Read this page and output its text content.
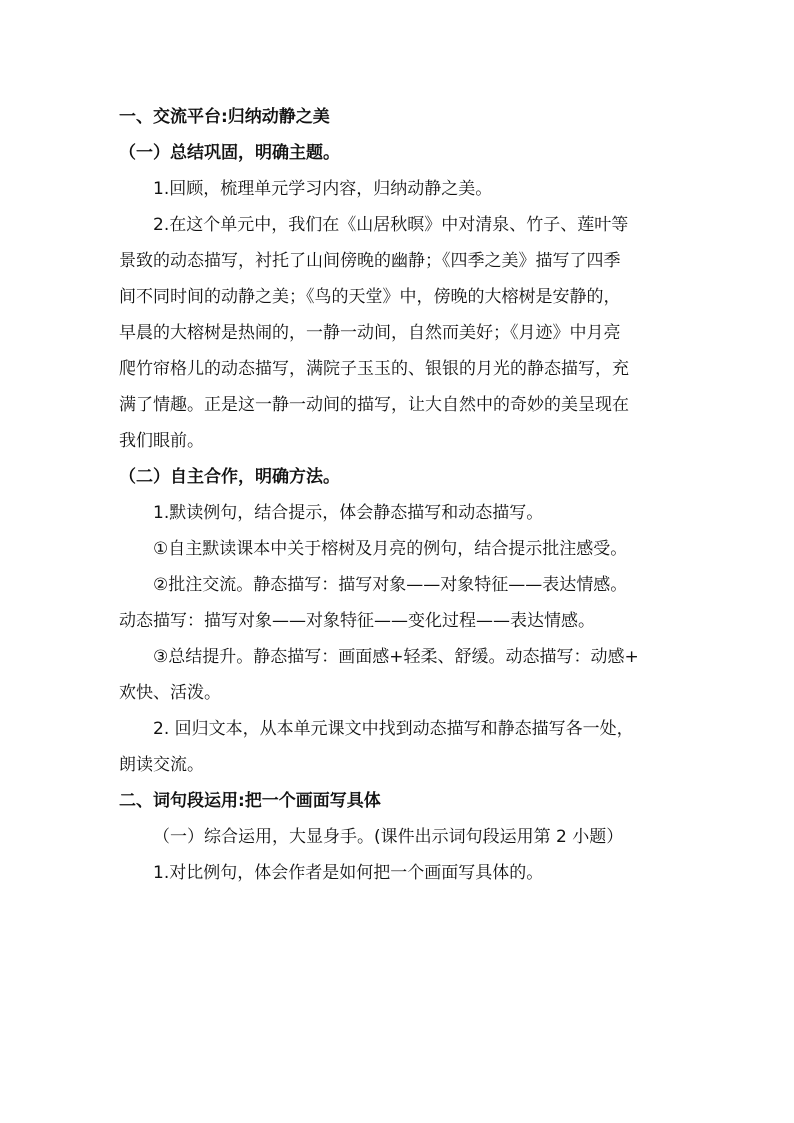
一、交流平台:归纳动静之美

（一）总结巩固，明确主题。

1.回顾，梳理单元学习内容，归纳动静之美。

2.在这个单元中，我们在《山居秋暝》中对清泉、竹子、莲叶等

景致的动态描写，衬托了山间傍晚的幽静；《四季之美》描写了四季

间不同时间的动静之美；《鸟的天堂》中，傍晚的大榕树是安静的，

早晨的大榕树是热闹的，一静一动间，自然而美好；《月迹》中月亮

爬竹帘格儿的动态描写，满院子玉玉的、银银的月光的静态描写，充

满了情趣。正是这一静一动间的描写，让大自然中的奇妙的美呈现在

我们眼前。

（二）自主合作，明确方法。

1.默读例句，结合提示，体会静态描写和动态描写。

①自主默读课本中关于榕树及月亮的例句，结合提示批注感受。

②批注交流。静态描写：描写对象——对象特征——表达情感。

动态描写：描写对象——对象特征——变化过程——表达情感。

③总结提升。静态描写：画面感+轻柔、舒缓。动态描写：动感+

欢快、活泼。

2. 回归文本，从本单元课文中找到动态描写和静态描写各一处，

朗读交流。

二、词句段运用:把一个画面写具体

（一）综合运用，大显身手。(课件出示词句段运用第 2 小题）

1.对比例句，体会作者是如何把一个画面写具体的。
